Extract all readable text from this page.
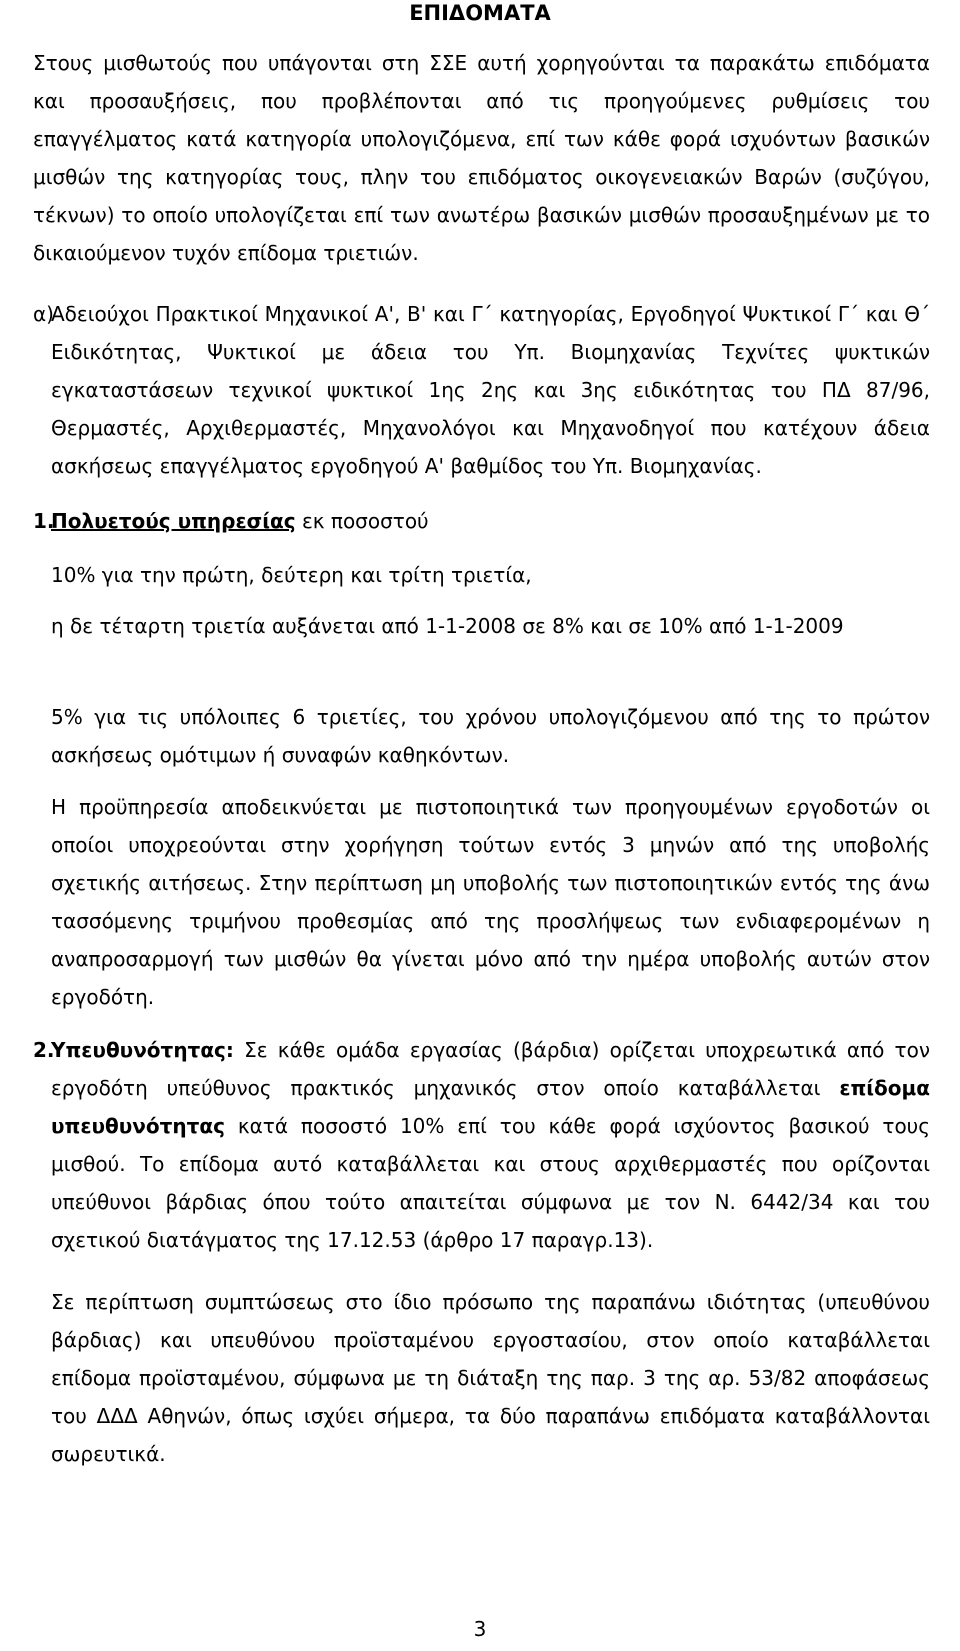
ΕΠΙΔΟΜΑΤΑ
Στους μισθωτούς που υπάγονται στη ΣΣΕ αυτή χορηγούνται τα παρακάτω επιδόματα και προσαυξήσεις, που προβλέπονται από τις προηγούμενες ρυθμίσεις του επαγγέλματος κατά κατηγορία υπολογιζόμενα, επί των κάθε φορά ισχυόντων βασικών μισθών της κατηγορίας τους, πλην του επιδόματος οικογενειακών Βαρών (συζύγου, τέκνων) το οποίο υπολογίζεται επί των ανωτέρω βασικών μισθών προσαυξημένων με το δικαιούμενον τυχόν επίδομα τριετιών.
α)
Αδειούχοι Πρακτικοί Μηχανικοί Α', Β' και Γ΄ κατηγορίας, Εργοδηγοί Ψυκτικοί Γ΄ και Θ΄ Ειδικότητας, Ψυκτικοί με άδεια του Υπ. Βιομηχανίας Τεχνίτες ψυκτικών εγκαταστάσεων τεχνικοί ψυκτικοί 1ης 2ης και 3ης ειδικότητας του ΠΔ 87/96, Θερμαστές, Αρχιθερμαστές, Μηχανολόγοι και Μηχανοδηγοί που κατέχουν άδεια ασκήσεως επαγγέλματος εργοδηγού Α' βαθμίδος του Υπ. Βιομηχανίας.
1.
Πολυετούς υπηρεσίας εκ ποσοστού
10% για την πρώτη, δεύτερη και τρίτη τριετία,
η δε τέταρτη τριετία αυξάνεται από 1-1-2008 σε 8% και σε 10% από 1-1-2009
5% για τις υπόλοιπες 6 τριετίες, του χρόνου υπολογιζόμενου από της το πρώτον ασκήσεως ομότιμων ή συναφών καθηκόντων.
Η προϋπηρεσία αποδεικνύεται με πιστοποιητικά των προηγουμένων εργοδοτών οι οποίοι υποχρεούνται στην χορήγηση τούτων εντός 3 μηνών από της υποβολής σχετικής αιτήσεως. Στην περίπτωση μη υποβολής των πιστοποιητικών εντός της άνω τασσόμενης τριμήνου προθεσμίας από της προσλήψεως των ενδιαφερομένων η αναπροσαρμογή των μισθών θα γίνεται μόνο από την ημέρα υποβολής αυτών στον εργοδότη.
2.
Υπευθυνότητας: Σε κάθε ομάδα εργασίας (βάρδια) ορίζεται υποχρεωτικά από τον εργοδότη υπεύθυνος πρακτικός μηχανικός στον οποίο καταβάλλεται επίδομα υπευθυνότητας κατά ποσοστό 10% επί του κάθε φορά ισχύοντος βασικού τους μισθού. Το επίδομα αυτό καταβάλλεται και στους αρχιθερμαστές που ορίζονται υπεύθυνοι βάρδιας όπου τούτο απαιτείται σύμφωνα με τον Ν. 6442/34 και του σχετικού διατάγματος της 17.12.53 (άρθρο 17 παραγρ.13).
Σε περίπτωση συμπτώσεως στο ίδιο πρόσωπο της παραπάνω ιδιότητας (υπευθύνου βάρδιας) και υπευθύνου προϊσταμένου εργοστασίου, στον οποίο καταβάλλεται επίδομα προϊσταμένου, σύμφωνα με τη διάταξη της παρ. 3 της αρ. 53/82 αποφάσεως του ΔΔΔ Αθηνών, όπως ισχύει σήμερα, τα δύο παραπάνω επιδόματα καταβάλλονται σωρευτικά.
3
